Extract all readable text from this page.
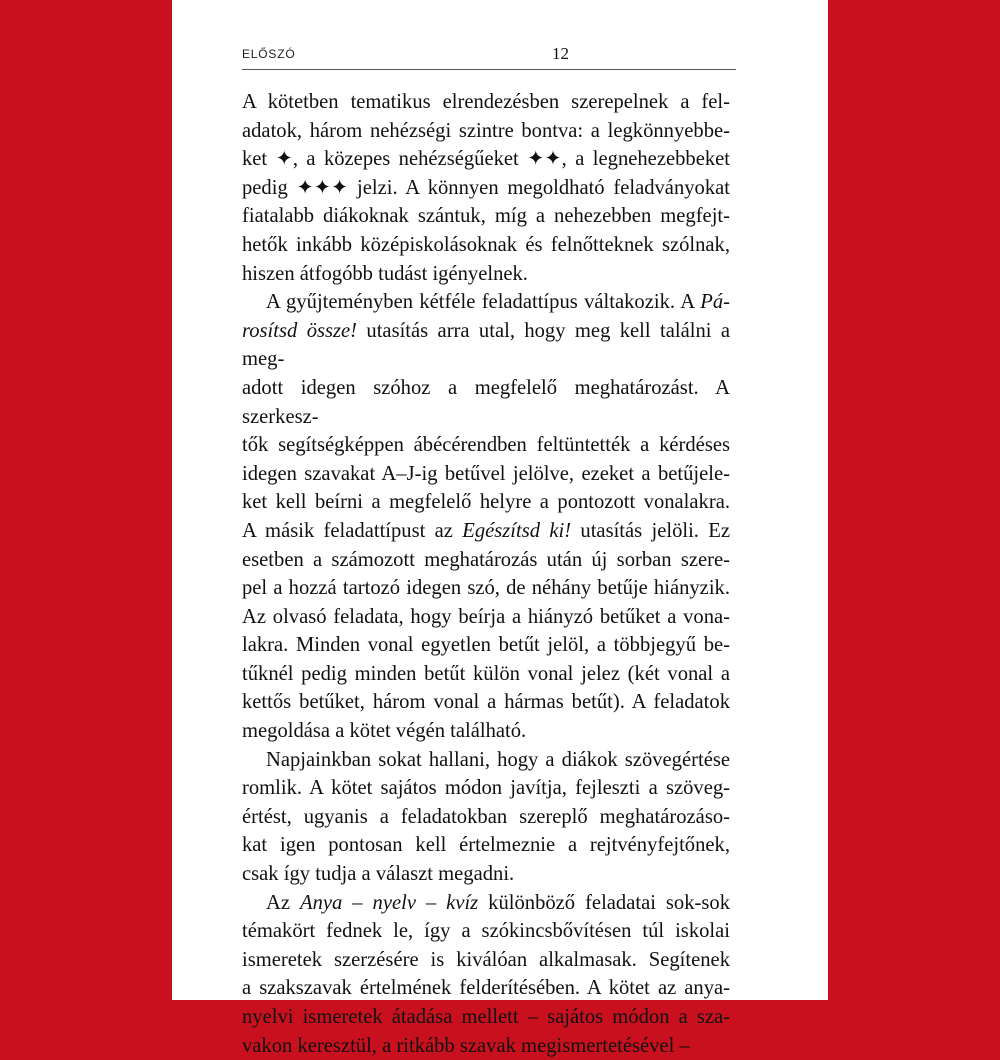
ELŐSZÓ	12

A kötetben tematikus elrendezésben szerepelnek a fel-

adatok, három nehézségi szintre bontva: a legkönnyebbe-

ket ✦, a közepes nehézségűeket ✦✦, a legnehezebbeket

pedig ✦✦✦ jelzi. A könnyen megoldható feladványokat

fiatalabb diákoknak szántuk, míg a nehezebben megfejt-

hetők inkább középiskolásoknak és felnőtteknek szólnak,

hiszen átfogóbb tudást igényelnek.

A gyűjteményben kétféle feladattípus váltakozik. A Pá-

rosítsd össze! utasítás arra utal, hogy meg kell találni a meg-

adott idegen szóhoz a megfelelő meghatározást. A szerkesz-

tők segítségképpen ábécérendben feltüntették a kérdéses

idegen szavakat A–J-ig betűvel jelölve, ezeket a betűjele-

ket kell beírni a megfelelő helyre a pontozott vonalakra.

A másik feladattípust az Egészítsd ki! utasítás jelöli. Ez

esetben a számozott meghatározás után új sorban szere-

pel a hozzá tartozó idegen szó, de néhány betűje hiányzik.

Az olvasó feladata, hogy beírja a hiányzó betűket a vona-

lakra. Minden vonal egyetlen betűt jelöl, a többjegyű be-

tűknél pedig minden betűt külön vonal jelez (két vonal a

kettős betűket, három vonal a hármas betűt). A feladatok

megoldása a kötet végén található.

Napjainkban sokat hallani, hogy a diákok szövegértése

romlik. A kötet sajátos módon javítja, fejleszti a szöveg-

értést, ugyanis a feladatokban szereplő meghatározáso-

kat igen pontosan kell értelmeznie a rejtvényfejtőnek,

csak így tudja a választ megadni.

Az Anya – nyelv – kvíz különböző feladatai sok-sok

témakört fednek le, így a szókincsbővítésen túl iskolai

ismeretek szerzésére is kiválóan alkalmasak. Segítenek

a szakszavak értelmének felderítésében. A kötet az anya-

nyelvi ismeretek átadása mellett – sajátos módon a sza-

vakon keresztül, a ritkább szavak megismertetésével –
